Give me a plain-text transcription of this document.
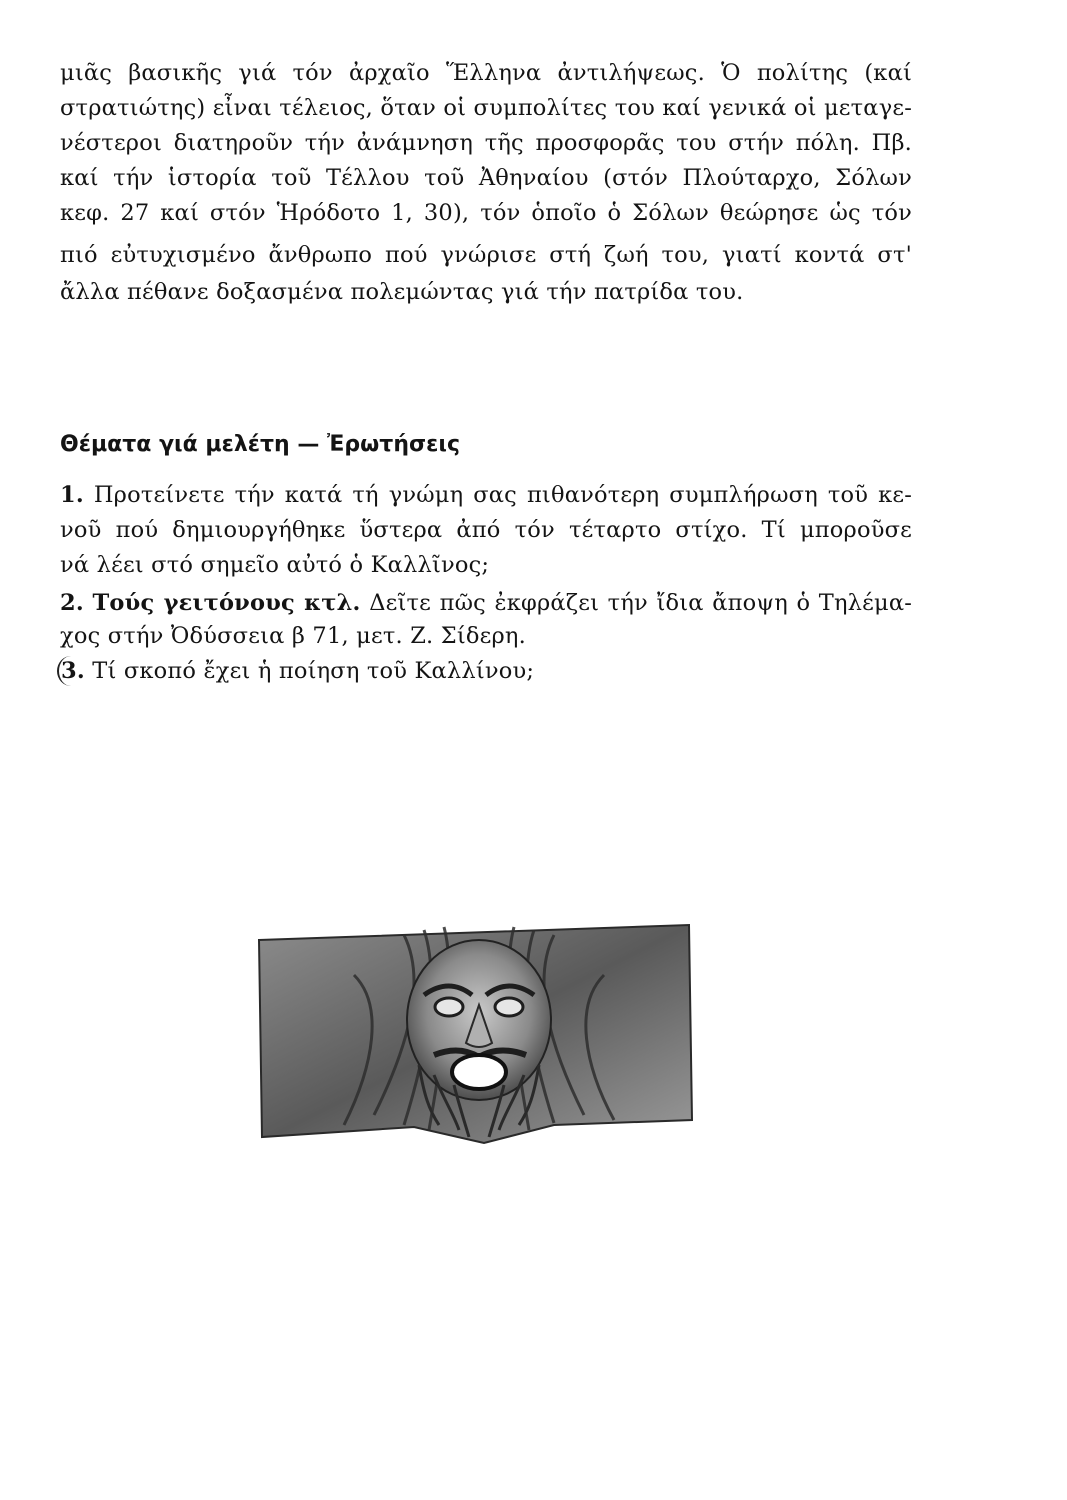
μιᾶς βασικῆς γιά τόν ἀρχαῖο Ἕλληνα ἀντιλήψεως. Ὁ πολίτης (καί
στρατιώτης) εἶναι τέλειος, ὅταν οἱ συμπολίτες του καί γενικά οἱ μεταγε-
νέστεροι διατηροῦν τήν ἀνάμνηση τῆς προσφορᾶς του στήν πόλη. Πβ.
καί τήν ἱστορία τοῦ Τέλλου τοῦ Ἀθηναίου (στόν Πλούταρχο, Σόλων
κεφ. 27 καί στόν Ἡρόδοτο 1, 30), τόν ὁποῖο ὁ Σόλων θεώρησε ὡς τόν
πιό εὐτυχισμένο ἄνθρωπο πού γνώρισε στή ζωή του, γιατί κοντά στ'
ἄλλα πέθανε δοξασμένα πολεμώντας γιά τήν πατρίδα του.
Θέματα γιά μελέτη — Ἐρωτήσεις
1. Προτείνετε τήν κατά τή γνώμη σας πιθανότερη συμπλήρωση τοῦ κε-
νοῦ πού δημιουργήθηκε ὕστερα ἀπό τόν τέταρτο στίχο. Τί μποροῦσε
νά λέει στό σημεῖο αὐτό ὁ Καλλῖνος;
2. Τούς γειτόνους κτλ. Δεῖτε πῶς ἐκφράζει τήν ἴδια ἄποψη ὁ Τηλέμα-
χος στήν Ὀδύσσεια β 71, μετ. Ζ. Σίδερη.
3. Τί σκοπό ἔχει ἡ ποίηση τοῦ Καλλίνου;
